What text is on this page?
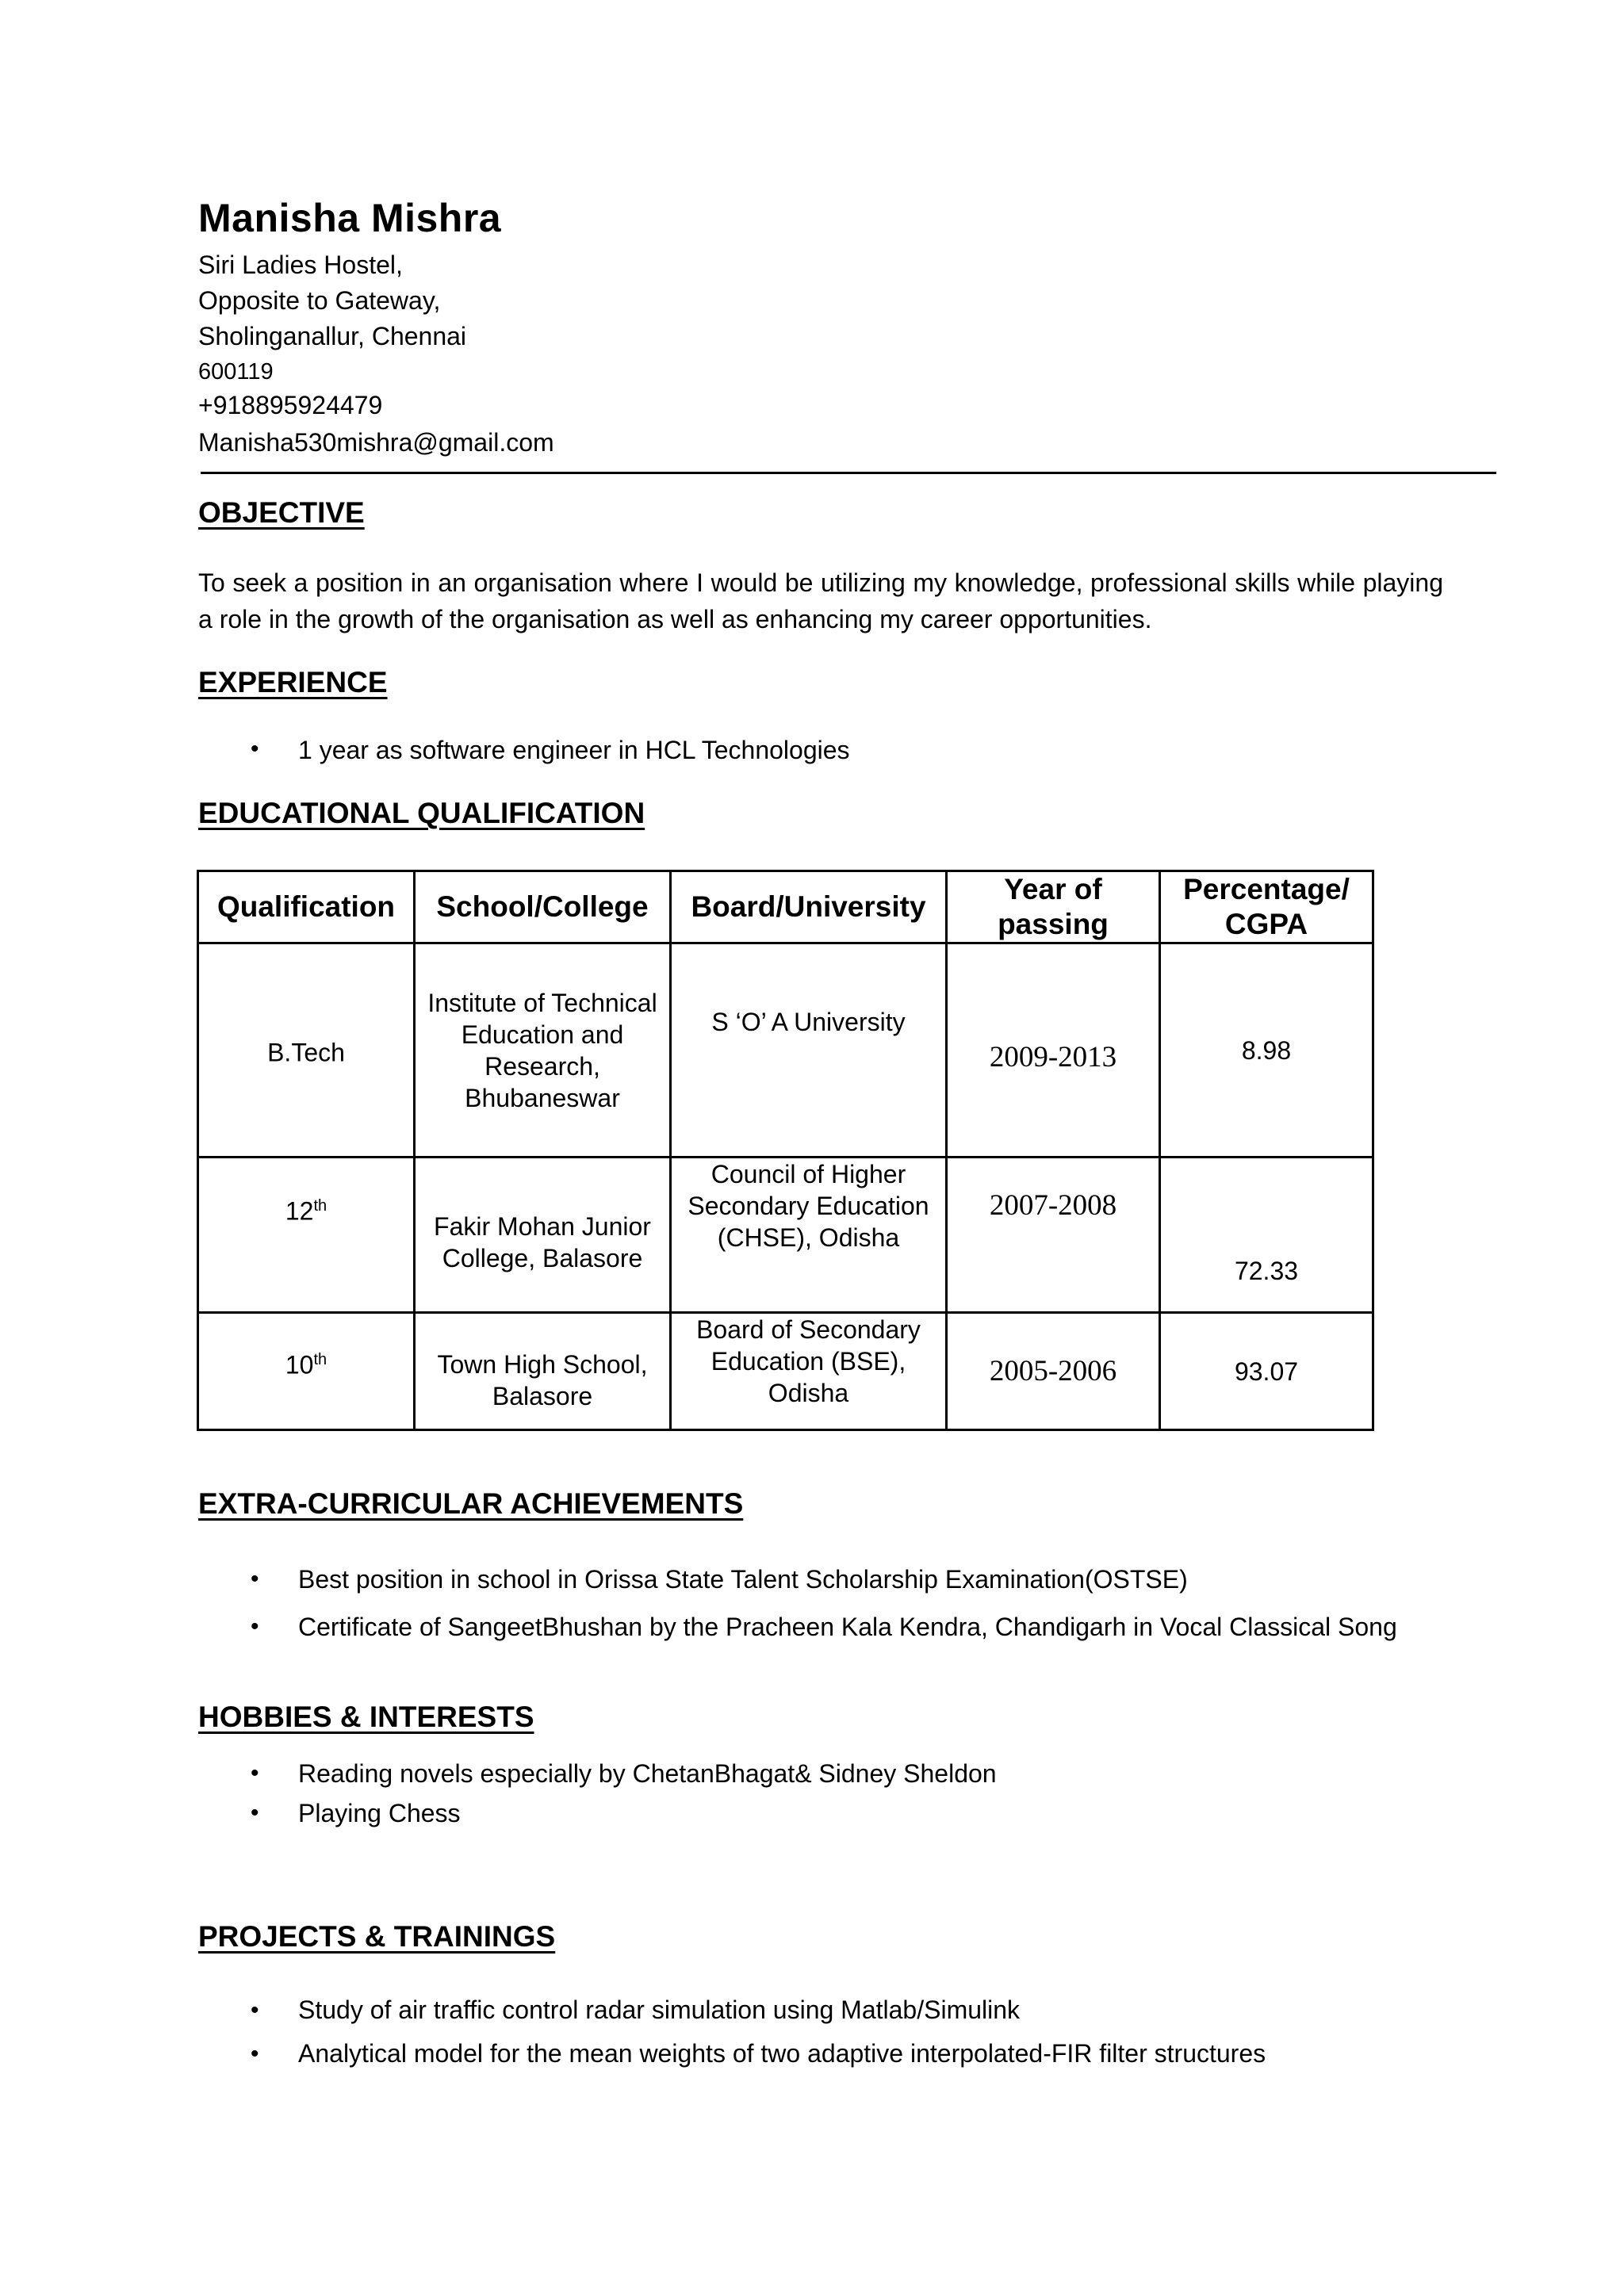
Manisha Mishra
Siri Ladies Hostel,
Opposite to Gateway,
Sholinganallur, Chennai
600119
+918895924479
Manisha530mishra@gmail.com
OBJECTIVE

To seek a position in an organisation where I would be utilizing my knowledge, professional skills while playing a role in the growth of the organisation as well as enhancing my career opportunities.

EXPERIENCE
• 1 year as software engineer in HCL Technologies
EDUCATIONAL QUALIFICATION
Qualification	School/College	Board/University	Year of passing	Percentage/ CGPA
B.Tech	Institute of Technical Education and Research, Bhubaneswar	S ‘O’ A University	2009-2013	8.98
12th	Fakir Mohan Junior College, Balasore	Council of Higher Secondary Education (CHSE), Odisha	2007-2008	72.33
10th	Town High School, Balasore	Board of Secondary Education (BSE), Odisha	2005-2006	93.07
EXTRA-CURRICULAR ACHIEVEMENTS
• Best position in school in Orissa State Talent Scholarship Examination(OSTSE)
• Certificate of SangeetBhushan by the Pracheen Kala Kendra, Chandigarh in Vocal Classical Song
HOBBIES & INTERESTS
• Reading novels especially by ChetanBhagat& Sidney Sheldon
• Playing Chess
PROJECTS & TRAININGS
• Study of air traffic control radar simulation using Matlab/Simulink
• Analytical model for the mean weights of two adaptive interpolated-FIR filter structures
